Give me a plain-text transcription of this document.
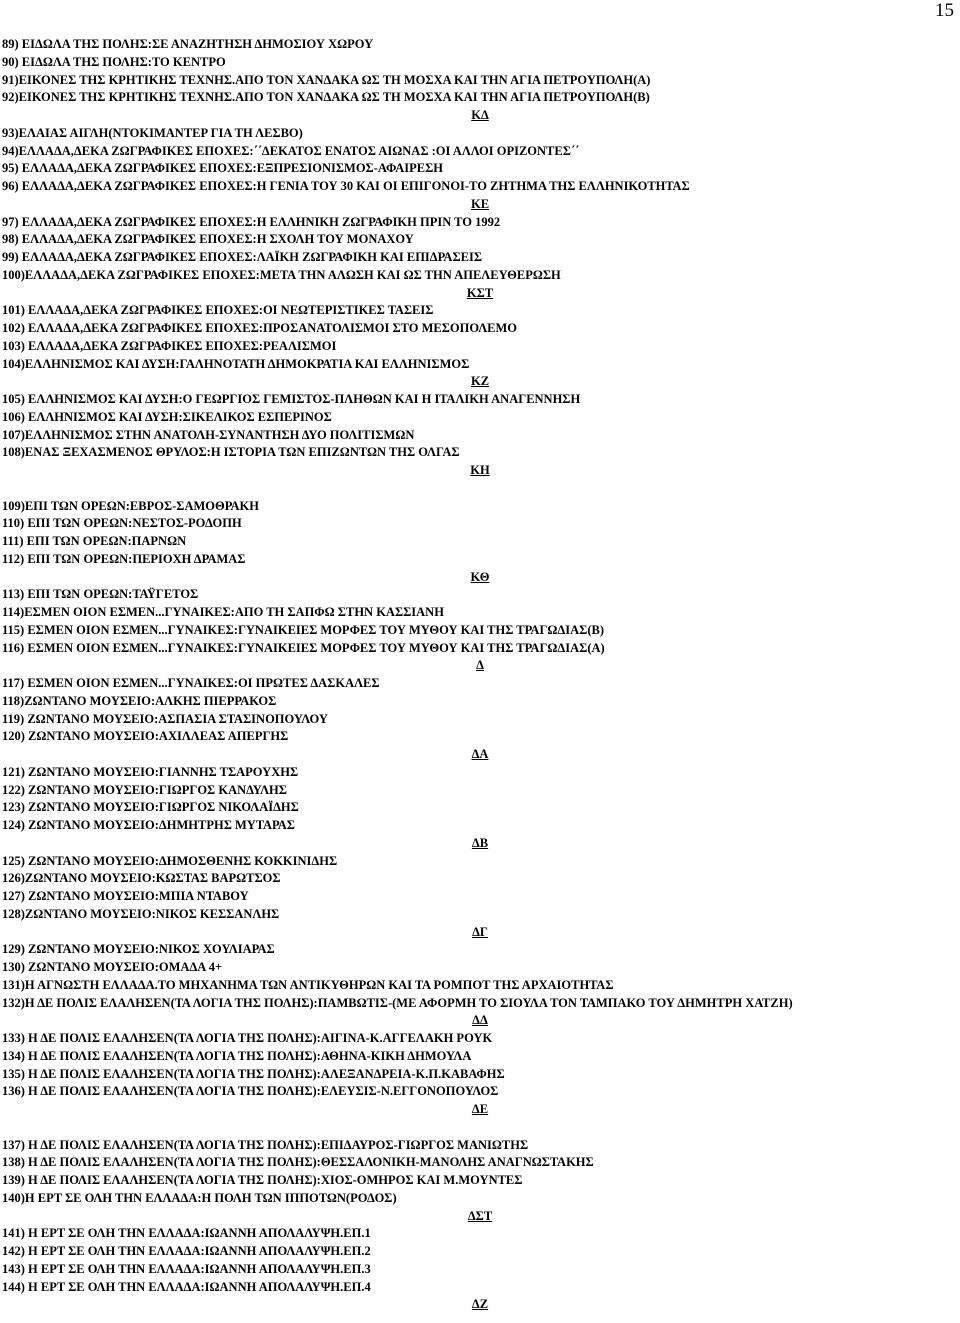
15
89) ΕΙΔΩΛΑ ΤΗΣ ΠΟΛΗΣ:ΣΕ ΑΝΑΖΗΤΗΣΗ ΔΗΜΟΣΙΟΥ ΧΩΡΟΥ
90) ΕΙΔΩΛΑ ΤΗΣ ΠΟΛΗΣ:ΤΟ ΚΕΝΤΡΟ
91)ΕΙΚΟΝΕΣ ΤΗΣ ΚΡΗΤΙΚΗΣ ΤΕΧΝΗΣ.ΑΠΟ ΤΟΝ ΧΑΝΔΑΚΑ ΩΣ ΤΗ ΜΟΣΧΑ ΚΑΙ ΤΗΝ ΑΓΙΑ ΠΕΤΡΟΥΠΟΛΗ(Α)
92)ΕΙΚΟΝΕΣ ΤΗΣ ΚΡΗΤΙΚΗΣ ΤΕΧΝΗΣ.ΑΠΟ ΤΟΝ ΧΑΝΔΑΚΑ ΩΣ ΤΗ ΜΟΣΧΑ ΚΑΙ ΤΗΝ ΑΓΙΑ ΠΕΤΡΟΥΠΟΛΗ(Β)
ΚΔ
93)ΕΛΑΙΑΣ ΑΙΓΛΗ(ΝΤΟΚΙΜΑΝΤΕΡ ΓΙΑ ΤΗ ΛΕΣΒΟ)
94)ΕΛΛΑΔΑ,ΔΕΚΑ ΖΩΓΡΑΦΙΚΕΣ ΕΠΟΧΕΣ:΄΄ΔΕΚΑΤΟΣ ΕΝΑΤΟΣ ΑΙΩΝΑΣ :ΟΙ ΑΛΛΟΙ ΟΡΙΖΟΝΤΕΣ΄΄
95) ΕΛΛΑΔΑ,ΔΕΚΑ ΖΩΓΡΑΦΙΚΕΣ ΕΠΟΧΕΣ:ΕΞΠΡΕΣΙΟΝΙΣΜΟΣ-ΑΦΑΙΡΕΣΗ
96) ΕΛΛΑΔΑ,ΔΕΚΑ ΖΩΓΡΑΦΙΚΕΣ ΕΠΟΧΕΣ:Η ΓΕΝΙΑ ΤΟΥ 30 ΚΑΙ ΟΙ ΕΠΙΓΟΝΟΙ-ΤΟ ΖΗΤΗΜΑ ΤΗΣ ΕΛΛΗΝΙΚΟΤΗΤΑΣ
ΚΕ
97) ΕΛΛΑΔΑ,ΔΕΚΑ ΖΩΓΡΑΦΙΚΕΣ ΕΠΟΧΕΣ:Η ΕΛΛΗΝΙΚΗ ΖΩΓΡΑΦΙΚΗ ΠΡΙΝ ΤΟ 1992
98) ΕΛΛΑΔΑ,ΔΕΚΑ ΖΩΓΡΑΦΙΚΕΣ ΕΠΟΧΕΣ:Η ΣΧΟΛΗ ΤΟΥ ΜΟΝΑΧΟΥ
99) ΕΛΛΑΔΑ,ΔΕΚΑ ΖΩΓΡΑΦΙΚΕΣ ΕΠΟΧΕΣ:ΛΑΪΚΗ ΖΩΓΡΑΦΙΚΗ ΚΑΙ ΕΠΙΔΡΑΣΕΙΣ
100)ΕΛΛΑΔΑ,ΔΕΚΑ ΖΩΓΡΑΦΙΚΕΣ ΕΠΟΧΕΣ:ΜΕΤΑ ΤΗΝ ΑΛΩΣΗ ΚΑΙ ΩΣ ΤΗΝ ΑΠΕΛΕΥΘΕΡΩΣΗ
ΚΣΤ
101) ΕΛΛΑΔΑ,ΔΕΚΑ ΖΩΓΡΑΦΙΚΕΣ ΕΠΟΧΕΣ:ΟΙ ΝΕΩΤΕΡΙΣΤΙΚΕΣ ΤΑΣΕΙΣ
102) ΕΛΛΑΔΑ,ΔΕΚΑ ΖΩΓΡΑΦΙΚΕΣ ΕΠΟΧΕΣ:ΠΡΟΣΑΝΑΤΟΛΙΣΜΟΙ ΣΤΟ ΜΕΣΟΠΟΛΕΜΟ
103) ΕΛΛΑΔΑ,ΔΕΚΑ ΖΩΓΡΑΦΙΚΕΣ ΕΠΟΧΕΣ:ΡΕΑΛΙΣΜΟΙ
104)ΕΛΛΗΝΙΣΜΟΣ ΚΑΙ ΔΥΣΗ:ΓΑΛΗΝΟΤΑΤΗ ΔΗΜΟΚΡΑΤΙΑ ΚΑΙ ΕΛΛΗΝΙΣΜΟΣ
ΚΖ
105) ΕΛΛΗΝΙΣΜΟΣ ΚΑΙ ΔΥΣΗ:Ο ΓΕΩΡΓΙΟΣ ΓΕΜΙΣΤΟΣ-ΠΛΗΘΩΝ ΚΑΙ Η ΙΤΑΛΙΚΗ ΑΝΑΓΕΝΝΗΣΗ
106) ΕΛΛΗΝΙΣΜΟΣ ΚΑΙ ΔΥΣΗ:ΣΙΚΕΛΙΚΟΣ ΕΣΠΕΡΙΝΟΣ
107)ΕΛΛΗΝΙΣΜΟΣ ΣΤΗΝ ΑΝΑΤΟΛΗ-ΣΥΝΑΝΤΗΣΗ ΔΥΟ ΠΟΛΙΤΙΣΜΩΝ
108)ΕΝΑΣ ΞΕΧΑΣΜΕΝΟΣ ΘΡΥΛΟΣ:Η ΙΣΤΟΡΙΑ ΤΩΝ ΕΠΙΖΩΝΤΩΝ ΤΗΣ ΟΛΓΑΣ
ΚΗ
109)ΕΠΙ ΤΩΝ ΟΡΕΩΝ:ΕΒΡΟΣ-ΣΑΜΟΘΡΑΚΗ
110) ΕΠΙ ΤΩΝ ΟΡΕΩΝ:ΝΕΣΤΟΣ-ΡΟΔΟΠΗ
111) ΕΠΙ ΤΩΝ ΟΡΕΩΝ:ΠΑΡΝΩΝ
112) ΕΠΙ ΤΩΝ ΟΡΕΩΝ:ΠΕΡΙΟΧΗ ΔΡΑΜΑΣ
ΚΘ
113) ΕΠΙ ΤΩΝ ΟΡΕΩΝ:ΤΑΫΓΕΤΟΣ
114)ΕΣΜΕΝ ΟΙΟΝ ΕΣΜΕΝ...ΓΥΝΑΙΚΕΣ:ΑΠΟ ΤΗ ΣΑΠΦΩ ΣΤΗΝ ΚΑΣΣΙΑΝΗ
115) ΕΣΜΕΝ ΟΙΟΝ ΕΣΜΕΝ...ΓΥΝΑΙΚΕΣ:ΓΥΝΑΙΚΕΙΕΣ ΜΟΡΦΕΣ ΤΟΥ ΜΥΘΟΥ ΚΑΙ ΤΗΣ ΤΡΑΓΩΔΙΑΣ(Β)
116) ΕΣΜΕΝ ΟΙΟΝ ΕΣΜΕΝ...ΓΥΝΑΙΚΕΣ:ΓΥΝΑΙΚΕΙΕΣ ΜΟΡΦΕΣ ΤΟΥ ΜΥΘΟΥ ΚΑΙ ΤΗΣ ΤΡΑΓΩΔΙΑΣ(Α)
Δ
117) ΕΣΜΕΝ ΟΙΟΝ ΕΣΜΕΝ...ΓΥΝΑΙΚΕΣ:ΟΙ ΠΡΩΤΕΣ ΔΑΣΚΑΛΕΣ
118)ΖΩΝΤΑΝΟ ΜΟΥΣΕΙΟ:ΑΛΚΗΣ ΠΙΕΡΡΑΚΟΣ
119) ΖΩΝΤΑΝΟ ΜΟΥΣΕΙΟ:ΑΣΠΑΣΙΑ ΣΤΑΣΙΝΟΠΟΥΛΟΥ
120) ΖΩΝΤΑΝΟ ΜΟΥΣΕΙΟ:ΑΧΙΛΛΕΑΣ ΑΠΕΡΓΗΣ
ΔΑ
121) ΖΩΝΤΑΝΟ ΜΟΥΣΕΙΟ:ΓΙΑΝΝΗΣ ΤΣΑΡΟΥΧΗΣ
122) ΖΩΝΤΑΝΟ ΜΟΥΣΕΙΟ:ΓΙΩΡΓΟΣ ΚΑΝΔΥΛΗΣ
123) ΖΩΝΤΑΝΟ ΜΟΥΣΕΙΟ:ΓΙΩΡΓΟΣ ΝΙΚΟΛΑΪΔΗΣ
124) ΖΩΝΤΑΝΟ ΜΟΥΣΕΙΟ:ΔΗΜΗΤΡΗΣ ΜΥΤΑΡΑΣ
ΔΒ
125) ΖΩΝΤΑΝΟ ΜΟΥΣΕΙΟ:ΔΗΜΟΣΘΕΝΗΣ ΚΟΚΚΙΝΙΔΗΣ
126)ΖΩΝΤΑΝΟ ΜΟΥΣΕΙΟ:ΚΩΣΤΑΣ ΒΑΡΩΤΣΟΣ
127) ΖΩΝΤΑΝΟ ΜΟΥΣΕΙΟ:ΜΠΙΑ ΝΤΑΒΟΥ
128)ΖΩΝΤΑΝΟ ΜΟΥΣΕΙΟ:ΝΙΚΟΣ ΚΕΣΣΑΝΛΗΣ
ΔΓ
129) ΖΩΝΤΑΝΟ ΜΟΥΣΕΙΟ:ΝΙΚΟΣ ΧΟΥΛΙΑΡΑΣ
130) ΖΩΝΤΑΝΟ ΜΟΥΣΕΙΟ:ΟΜΑΔΑ 4+
131)Η ΑΓΝΩΣΤΗ ΕΛΛΑΔΑ.ΤΟ ΜΗΧΑΝΗΜΑ ΤΩΝ ΑΝΤΙΚΥΘΗΡΩΝ ΚΑΙ ΤΑ ΡΟΜΠΟΤ ΤΗΣ ΑΡΧΑΙΟΤΗΤΑΣ
132)Η ΔΕ ΠΟΛΙΣ ΕΛΑΛΗΣΕΝ(ΤΑ ΛΟΓΙΑ ΤΗΣ ΠΟΛΗΣ):ΠΑΜΒΩΤΙΣ-(ΜΕ ΑΦΟΡΜΗ ΤΟ ΣΙΟΥΛΑ ΤΟΝ ΤΑΜΠΑΚΟ ΤΟΥ ΔΗΜΗΤΡΗ ΧΑΤΖΗ)
ΔΔ
133) Η ΔΕ ΠΟΛΙΣ ΕΛΑΛΗΣΕΝ(ΤΑ ΛΟΓΙΑ ΤΗΣ ΠΟΛΗΣ):ΑΙΓΙΝΑ-Κ.ΑΓΓΕΛΑΚΗ ΡΟΥΚ
134) Η ΔΕ ΠΟΛΙΣ ΕΛΑΛΗΣΕΝ(ΤΑ ΛΟΓΙΑ ΤΗΣ ΠΟΛΗΣ):ΑΘΗΝΑ-ΚΙΚΗ ΔΗΜΟΥΛΑ
135) Η ΔΕ ΠΟΛΙΣ ΕΛΑΛΗΣΕΝ(ΤΑ ΛΟΓΙΑ ΤΗΣ ΠΟΛΗΣ):ΑΛΕΞΑΝΔΡΕΙΑ-Κ.Π.ΚΑΒΑΦΗΣ
136) Η ΔΕ ΠΟΛΙΣ ΕΛΑΛΗΣΕΝ(ΤΑ ΛΟΓΙΑ ΤΗΣ ΠΟΛΗΣ):ΕΛΕΥΣΙΣ-Ν.ΕΓΓΟΝΟΠΟΥΛΟΣ
ΔΕ
137) Η ΔΕ ΠΟΛΙΣ ΕΛΑΛΗΣΕΝ(ΤΑ ΛΟΓΙΑ ΤΗΣ ΠΟΛΗΣ):ΕΠΙΔΑΥΡΟΣ-ΓΙΩΡΓΟΣ ΜΑΝΙΩΤΗΣ
138) Η ΔΕ ΠΟΛΙΣ ΕΛΑΛΗΣΕΝ(ΤΑ ΛΟΓΙΑ ΤΗΣ ΠΟΛΗΣ):ΘΕΣΣΑΛΟΝΙΚΗ-ΜΑΝΟΛΗΣ ΑΝΑΓΝΩΣΤΑΚΗΣ
139) Η ΔΕ ΠΟΛΙΣ ΕΛΑΛΗΣΕΝ(ΤΑ ΛΟΓΙΑ ΤΗΣ ΠΟΛΗΣ):ΧΙΟΣ-ΟΜΗΡΟΣ ΚΑΙ Μ.ΜΟΥΝΤΕΣ
140)Η ΕΡΤ ΣΕ ΟΛΗ ΤΗΝ ΕΛΛΑΔΑ:Η ΠΟΛΗ ΤΩΝ ΙΠΠΟΤΩΝ(ΡΟΔΟΣ)
ΔΣΤ
141) Η ΕΡΤ ΣΕ ΟΛΗ ΤΗΝ ΕΛΛΑΔΑ:ΙΩΑΝΝΗ ΑΠΟΛΑΛΥΨΗ.ΕΠ.1
142) Η ΕΡΤ ΣΕ ΟΛΗ ΤΗΝ ΕΛΛΑΔΑ:ΙΩΑΝΝΗ ΑΠΟΛΑΛΥΨΗ.ΕΠ.2
143) Η ΕΡΤ ΣΕ ΟΛΗ ΤΗΝ ΕΛΛΑΔΑ:ΙΩΑΝΝΗ ΑΠΟΛΑΛΥΨΗ.ΕΠ.3
144) Η ΕΡΤ ΣΕ ΟΛΗ ΤΗΝ ΕΛΛΑΔΑ:ΙΩΑΝΝΗ ΑΠΟΛΑΛΥΨΗ.ΕΠ.4
ΔΖ
